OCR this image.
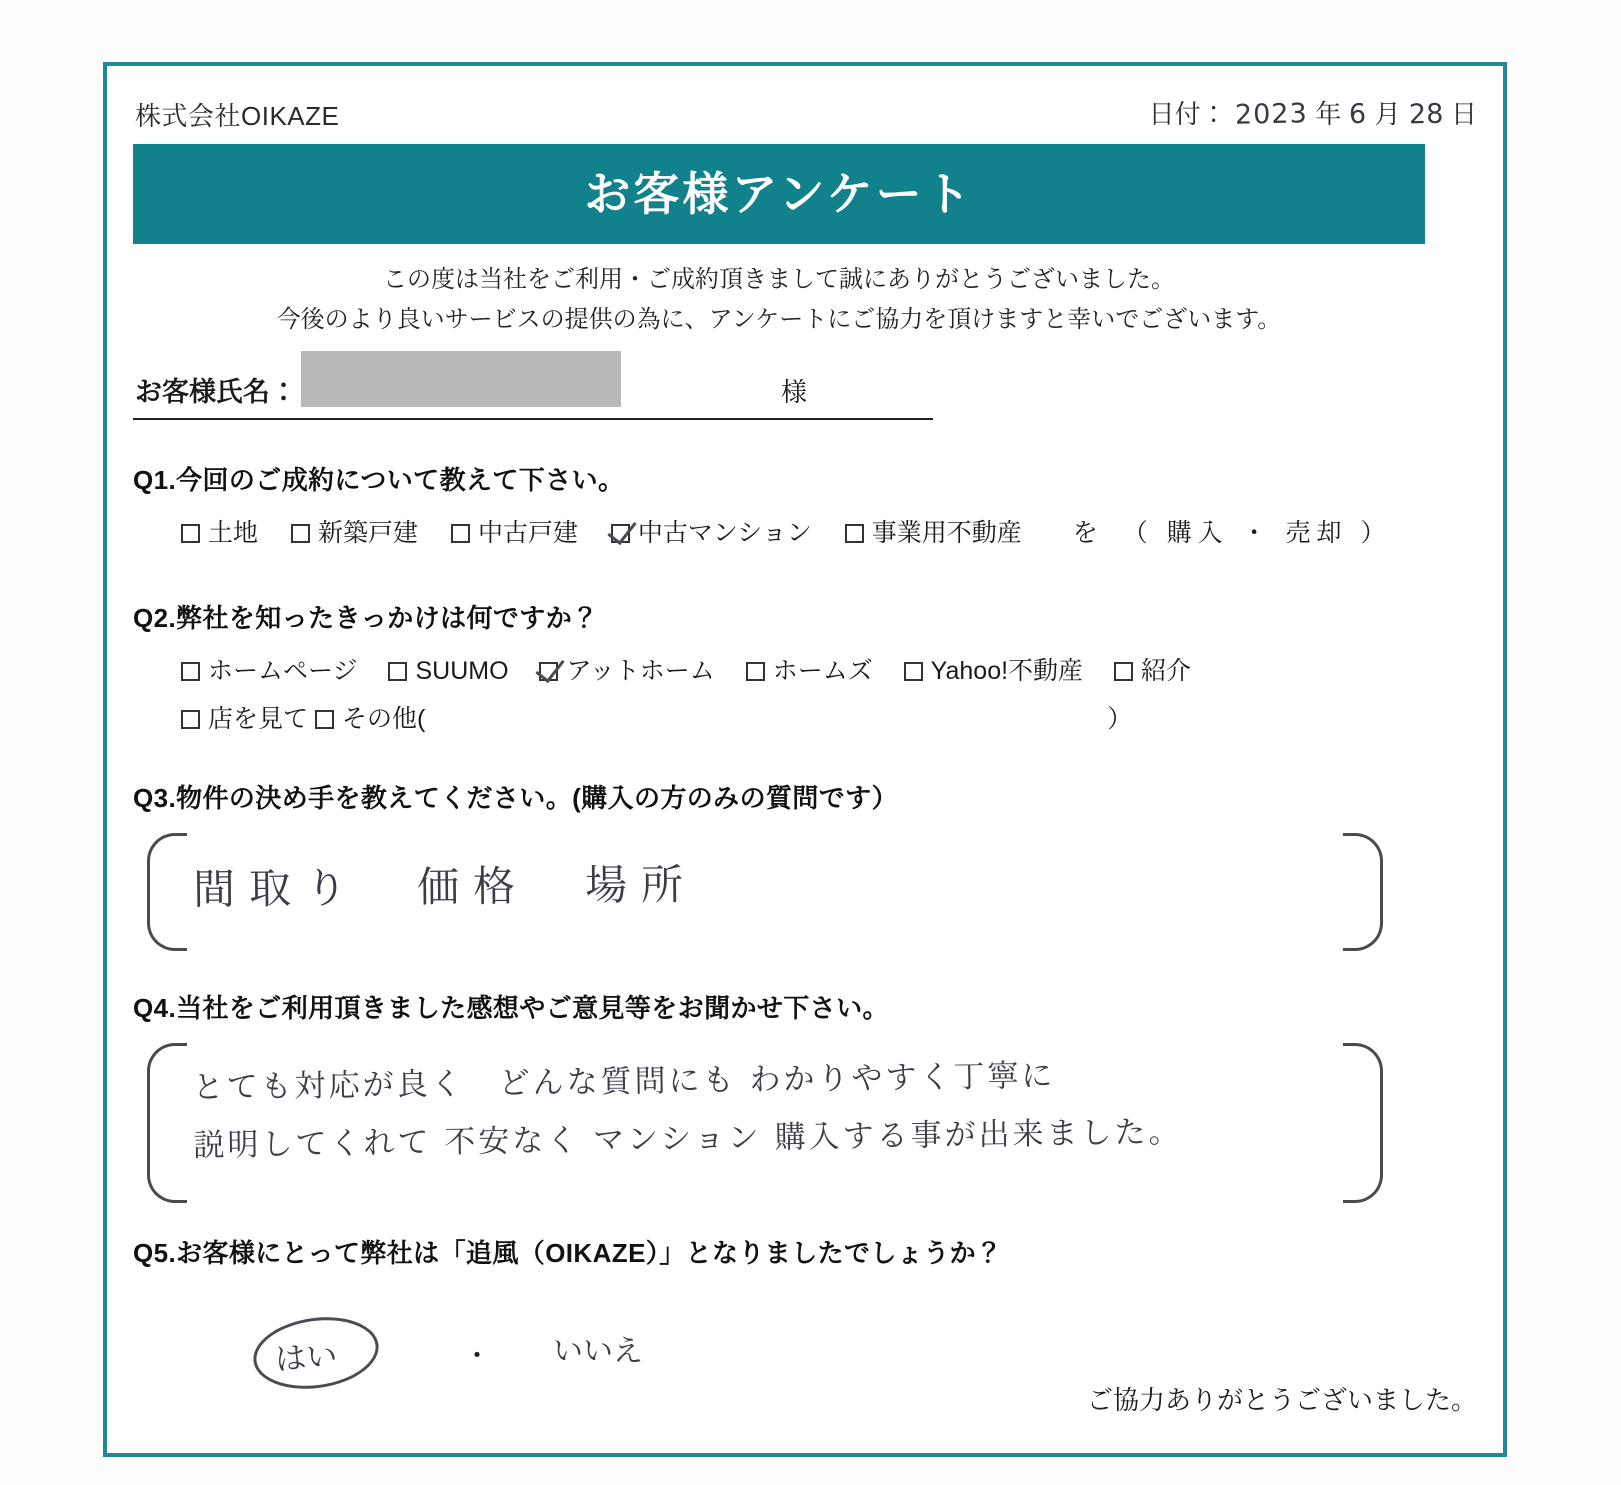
株式会社OIKAZE	日付： 2023 年 6 月 28 日
お客様アンケート
この度は当社をご利用・ご成約頂きまして誠にありがとうございました。
今後のより良いサービスの提供の為に、アンケートにご協力を頂けますと幸いでございます。
お客様氏名：	様
Q1.今回のご成約について教えて下さい。
土地 新築戸建 中古戸建 中古マンション 事業用不動産 を （ 購入 ・ 売却 ）
Q2.弊社を知ったきっかけは何ですか？
ホームページ SUUMO アットホーム ホームズ Yahoo!不動産 紹介
店を見て その他(	）
Q3.物件の決め手を教えてください。(購入の方のみの質問です）
間取り　価格　場所
Q4.当社をご利用頂きました感想やご意見等をお聞かせ下さい。
とても対応が良く　どんな質問にも わかりやすく丁寧に
説明してくれて 不安なく マンション 購入する事が出来ました。
Q5.お客様にとって弊社は「追風（OIKAZE）」となりましたでしょうか？
はい	・ いいえ
ご協力ありがとうございました。
